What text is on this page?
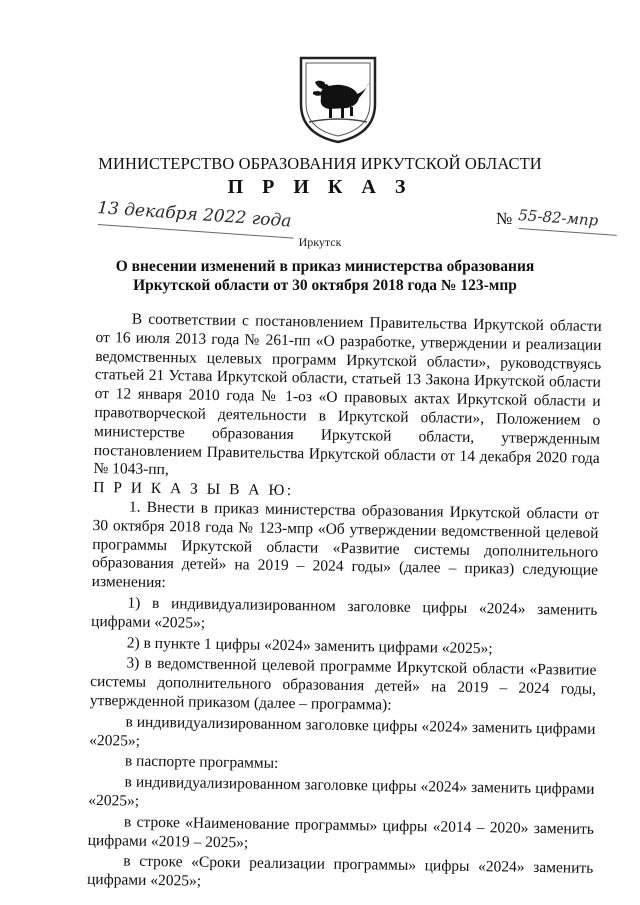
МИНИСТЕРСТВО ОБРАЗОВАНИЯ ИРКУТСКОЙ ОБЛАСТИ
П Р И К А З
13 декабря 2022 года	№ 55-82-мпр
Иркутск
О внесении изменений в приказ министерства образования
Иркутской области от 30 октября 2018 года № 123-мпр

В соответствии с постановлением Правительства Иркутской области от 16 июля 2013 года № 261-пп «О разработке, утверждении и реализации ведомственных целевых программ Иркутской области», руководствуясь статьей 21 Устава Иркутской области, статьей 13 Закона Иркутской области от 12 января 2010 года № 1-оз «О правовых актах Иркутской области и правотворческой деятельности в Иркутской области», Положением о министерстве образования Иркутской области, утвержденным постановлением Правительства Иркутской области от 14 декабря 2020 года № 1043-пп,

П Р И К А З Ы В А Ю:

1. Внести в приказ министерства образования Иркутской области от 30 октября 2018 года № 123-мпр «Об утверждении ведомственной целевой программы Иркутской области «Развитие системы дополнительного образования детей» на 2019 – 2024 годы» (далее – приказ) следующие изменения:

1) в индивидуализированном заголовке цифры «2024» заменить цифрами «2025»;

2) в пункте 1 цифры «2024» заменить цифрами «2025»;

3) в ведомственной целевой программе Иркутской области «Развитие системы дополнительного образования детей» на 2019 – 2024 годы, утвержденной приказом (далее – программа):

в индивидуализированном заголовке цифры «2024» заменить цифрами «2025»;

в паспорте программы:

в индивидуализированном заголовке цифры «2024» заменить цифрами «2025»;

в строке «Наименование программы» цифры «2014 – 2020» заменить цифрами «2019 – 2025»;

в строке «Сроки реализации программы» цифры «2024» заменить цифрами «2025»;
